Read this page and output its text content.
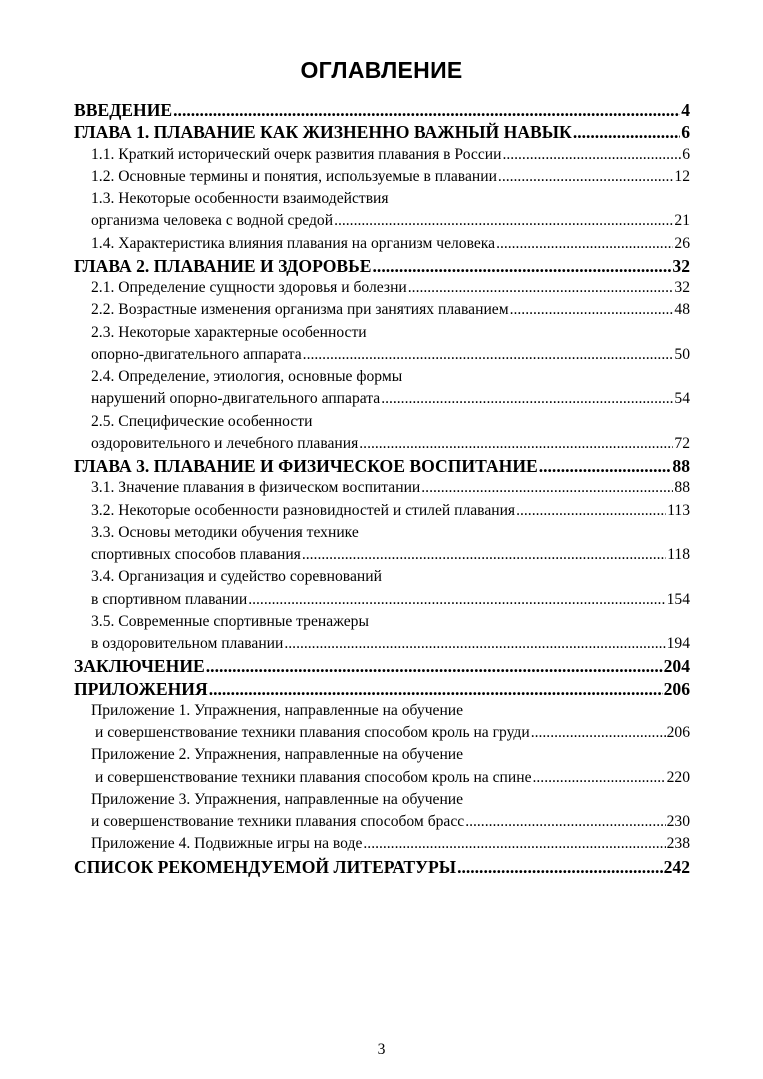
ОГЛАВЛЕНИЕ
ВВЕДЕНИЕ .....	4
ГЛАВА 1. ПЛАВАНИЕ КАК ЖИЗНЕННО ВАЖНЫЙ НАВЫК .....	6
1.1. Краткий исторический очерк развития плавания в России .....	6
1.2. Основные термины и понятия, используемые в плавании .....	12
1.3. Некоторые особенности взаимодействия
организма человека с водной средой .....	21
1.4. Характеристика влияния плавания на организм человека .....	26
ГЛАВА 2. ПЛАВАНИЕ И ЗДОРОВЬЕ .....	32
2.1. Определение сущности здоровья и болезни .....	32
2.2. Возрастные изменения организма при занятиях плаванием .....	48
2.3. Некоторые характерные особенности
опорно-двигательного аппарата .....	50
2.4. Определение, этиология, основные формы
нарушений опорно-двигательного аппарата .....	54
2.5. Специфические особенности
оздоровительного и лечебного плавания .....	72
ГЛАВА 3. ПЛАВАНИЕ И ФИЗИЧЕСКОЕ ВОСПИТАНИЕ .....	88
3.1. Значение плавания в физическом воспитании .....	88
3.2. Некоторые особенности разновидностей и стилей плавания .....	113
3.3. Основы методики обучения технике
спортивных способов плавания .....	118
3.4. Организация и судейство соревнований
в спортивном плавании .....	154
3.5. Современные спортивные тренажеры
в оздоровительном плавании .....	194
ЗАКЛЮЧЕНИЕ .....	204
ПРИЛОЖЕНИЯ .....	206
Приложение 1. Упражнения, направленные на обучение
и совершенствование техники плавания способом кроль на груди .....	206
Приложение 2. Упражнения, направленные на обучение
и совершенствование техники плавания способом кроль на спине .....	220
Приложение 3. Упражнения, направленные на обучение
и совершенствование техники плавания способом брасс .....	230
Приложение 4. Подвижные игры на воде .....	238
СПИСОК РЕКОМЕНДУЕМОЙ ЛИТЕРАТУРЫ .....	242
3
